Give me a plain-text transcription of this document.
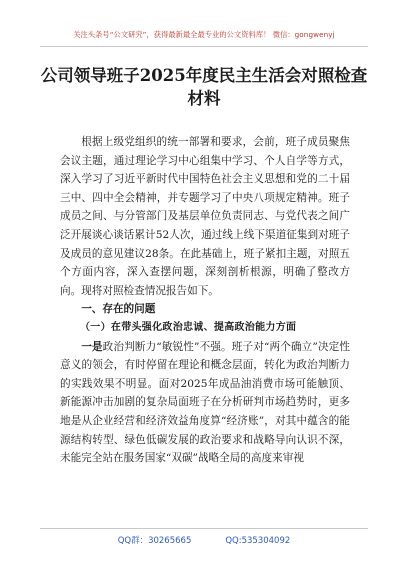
关注头条号“公文研究”，获得最新最全最专业的公文资料库！ 微信：gongwenyj
公司领导班子2025年度民主生活会对照检查材料

根据上级党组织的统一部署和要求，会前，班子成员聚焦会议主题，通过理论学习中心组集中学习、个人自学等方式，深入学习了习近平新时代中国特色社会主义思想和党的二十届三中、四中全会精神，并专题学习了中央八项规定精神。班子成员之间、与分管部门及基层单位负责同志、与党代表之间广泛开展谈心谈话累计52人次，通过线上线下渠道征集到对班子及成员的意见建议28条。在此基础上，班子紧扣主题，对照五个方面内容，深入查摆问题，深刻剖析根源，明确了整改方向。现将对照检查情况报告如下。

一、存在的问题
（一）在带头强化政治忠诚、提高政治能力方面

一是政治判断力“敏锐性”不强。班子对“两个确立”决定性意义的领会，有时停留在理论和概念层面，转化为政治判断力的实践效果不明显。面对2025年成品油消费市场可能触顶、新能源冲击加剧的复杂局面班子在分析研判市场趋势时，更多地是从企业经营和经济效益角度算“经济账”，对其中蕴含的能源结构转型、绿色低碳发展的政治要求和战略导向认识不深，未能完全站在服务国家“双碳”战略全局的高度来审视

QQ群：30265665	QQ:535304092
